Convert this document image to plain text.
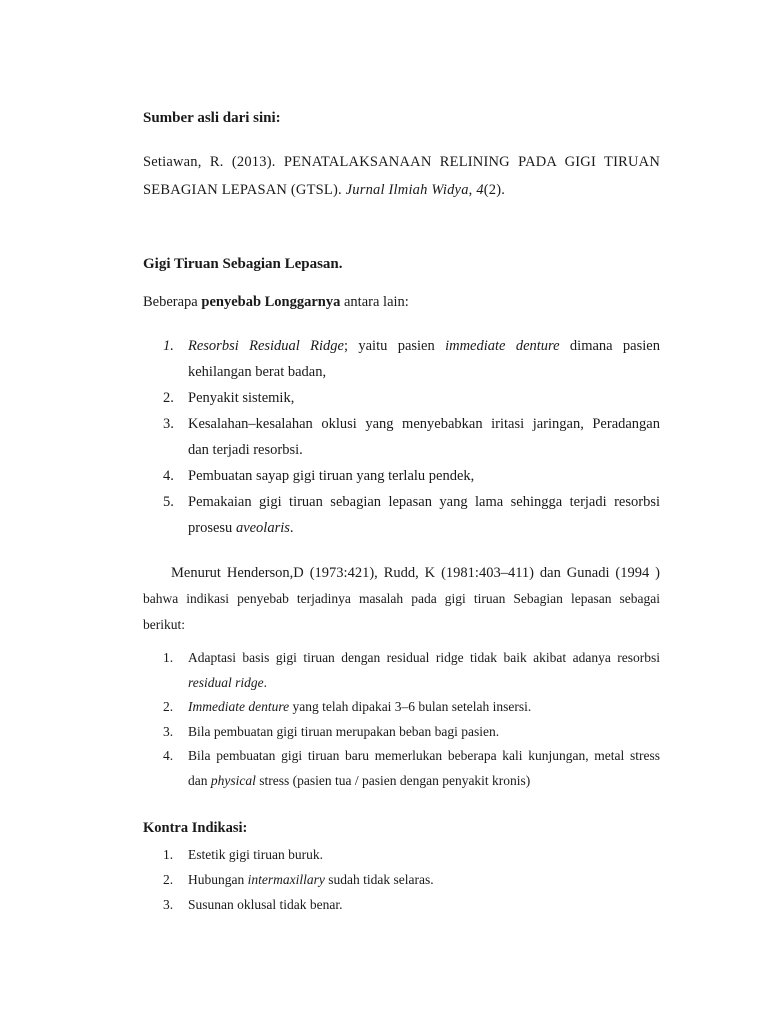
Sumber asli dari sini:

Setiawan, R. (2013). PENATALAKSANAAN RELINING PADA GIGI TIRUAN

SEBAGIAN LEPASAN (GTSL). Jurnal Ilmiah Widya, 4(2).

Gigi Tiruan Sebagian Lepasan.

Beberapa penyebab Longgarnya antara lain:

1. Resorbsi Residual Ridge; yaitu pasien immediate denture dimana pasien

kehilangan berat badan,

2. Penyakit sistemik,

3. Kesalahan–kesalahan oklusi yang menyebabkan iritasi jaringan, Peradangan

dan terjadi resorbsi.

4. Pembuatan sayap gigi tiruan yang terlalu pendek,

5. Pemakaian gigi tiruan sebagian lepasan yang lama sehingga terjadi resorbsi

prosesu aveolaris.

Menurut Henderson,D (1973:421), Rudd, K (1981:403–411) dan Gunadi (1994 )

bahwa indikasi penyebab terjadinya masalah pada gigi tiruan Sebagian lepasan sebagai

berikut:

1. Adaptasi basis gigi tiruan dengan residual ridge tidak baik akibat adanya resorbsi

residual ridge.

2. Immediate denture yang telah dipakai 3–6 bulan setelah insersi.

3. Bila pembuatan gigi tiruan merupakan beban bagi pasien.

4. Bila pembuatan gigi tiruan baru memerlukan beberapa kali kunjungan, metal stress

dan physical stress (pasien tua / pasien dengan penyakit kronis)

Kontra Indikasi:

1. Estetik gigi tiruan buruk.

2. Hubungan intermaxillary sudah tidak selaras.

3. Susunan oklusal tidak benar.
